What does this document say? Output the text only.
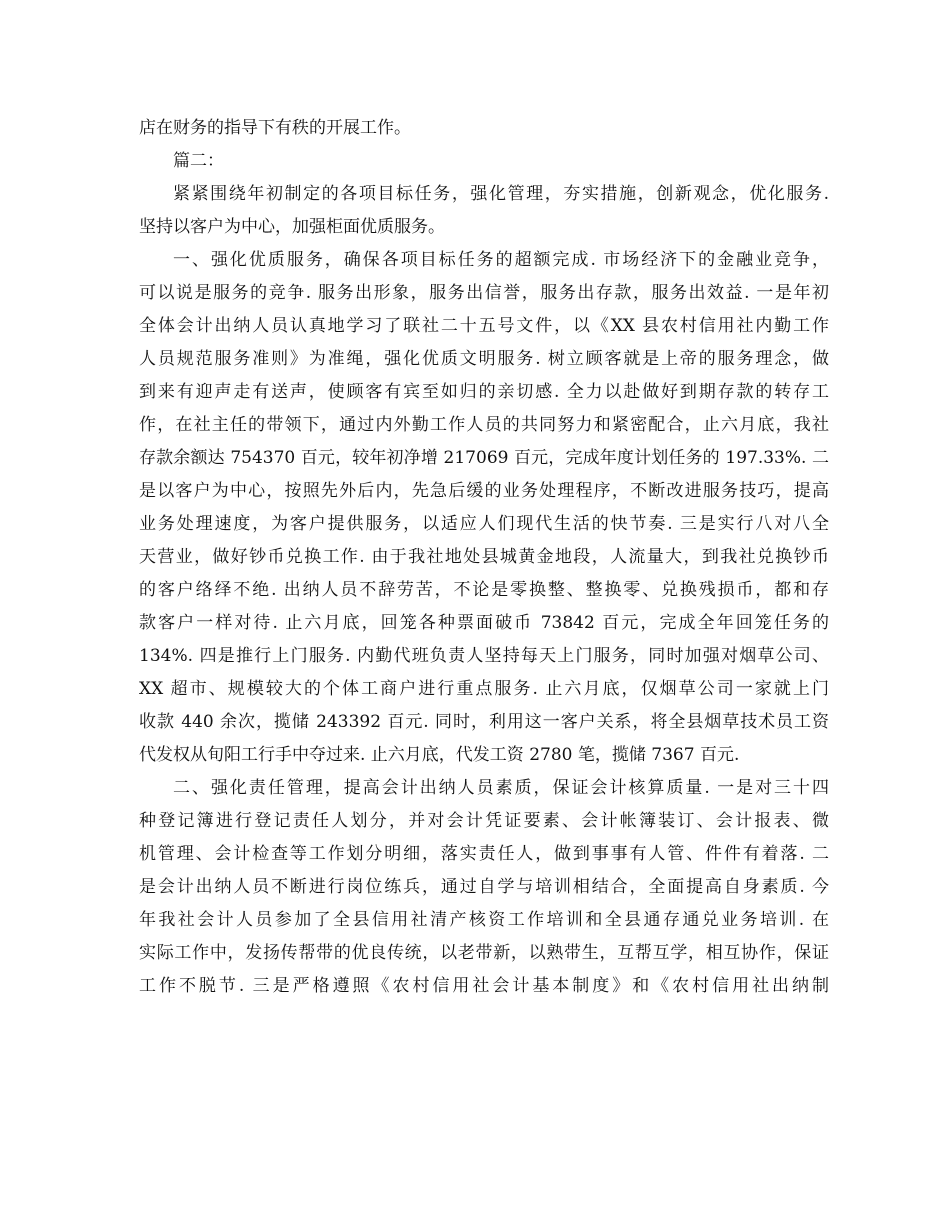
店在财务的指导下有秩的开展工作。
篇二：
紧紧围绕年初制定的各项目标任务，强化管理，夯实措施，创新观念，优化服务.
坚持以客户为中心，加强柜面优质服务。
一、强化优质服务，确保各项目标任务的超额完成. 市场经济下的金融业竞争，
可以说是服务的竞争. 服务出形象，服务出信誉，服务出存款，服务出效益. 一是年初
全体会计出纳人员认真地学习了联社二十五号文件，以《XX 县农村信用社内勤工作
人员规范服务准则》为准绳，强化优质文明服务. 树立顾客就是上帝的服务理念，做
到来有迎声走有送声，使顾客有宾至如归的亲切感. 全力以赴做好到期存款的转存工
作，在社主任的带领下，通过内外勤工作人员的共同努力和紧密配合，止六月底，我社
存款余额达 754370 百元，较年初净增 217069 百元，完成年度计划任务的 197.33%. 二
是以客户为中心，按照先外后内，先急后缓的业务处理程序，不断改进服务技巧，提高
业务处理速度，为客户提供服务，以适应人们现代生活的快节奏. 三是实行八对八全
天营业，做好钞币兑换工作. 由于我社地处县城黄金地段，人流量大，到我社兑换钞币
的客户络绎不绝. 出纳人员不辞劳苦，不论是零换整、整换零、兑换残损币，都和存
款客户一样对待. 止六月底，回笼各种票面破币 73842 百元，完成全年回笼任务的
134%. 四是推行上门服务. 内勤代班负责人坚持每天上门服务，同时加强对烟草公司、
XX 超市、规模较大的个体工商户进行重点服务. 止六月底，仅烟草公司一家就上门
收款 440 余次，揽储 243392 百元. 同时，利用这一客户关系，将全县烟草技术员工资
代发权从旬阳工行手中夺过来. 止六月底，代发工资 2780 笔，揽储 7367 百元.
二、强化责任管理，提高会计出纳人员素质，保证会计核算质量. 一是对三十四
种登记簿进行登记责任人划分，并对会计凭证要素、会计帐簿装订、会计报表、微
机管理、会计检查等工作划分明细，落实责任人，做到事事有人管、件件有着落. 二
是会计出纳人员不断进行岗位练兵，通过自学与培训相结合，全面提高自身素质. 今
年我社会计人员参加了全县信用社清产核资工作培训和全县通存通兑业务培训. 在
实际工作中，发扬传帮带的优良传统，以老带新，以熟带生，互帮互学，相互协作，保证
工作不脱节. 三是严格遵照《农村信用社会计基本制度》和《农村信用社出纳制
